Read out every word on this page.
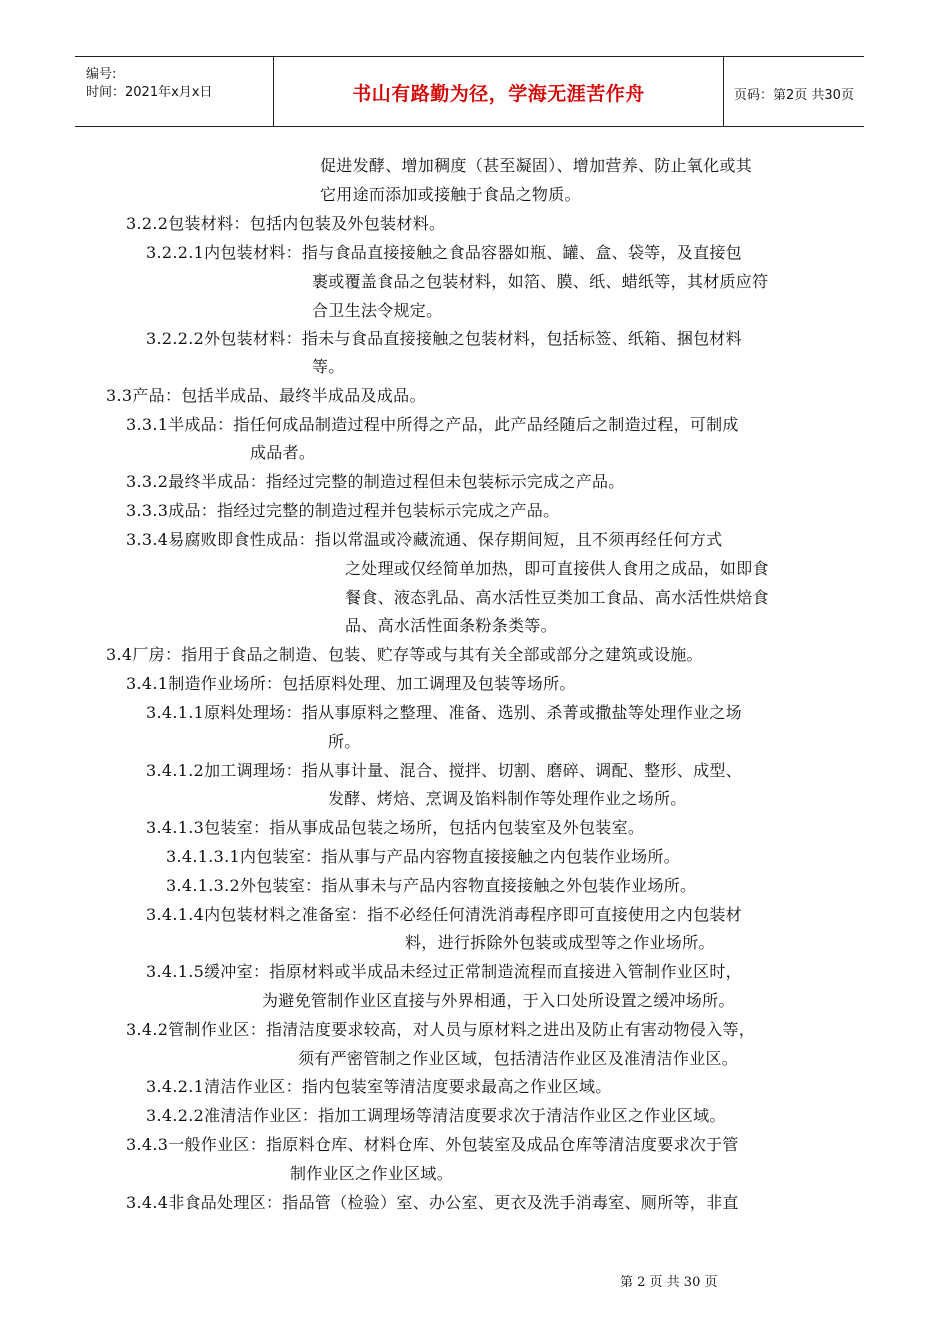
编号:
时间：2021年x月x日	书山有路勤为径，学海无涯苦作舟	页码：第2页 共30页
促进发酵、增加稠度（甚至凝固）、增加营养、防止氧化或其
它用途而添加或接触于食品之物质。
3.2.2包装材料：包括内包装及外包装材料。
3.2.2.1内包装材料：指与食品直接接触之食品容器如瓶、罐、盒、袋等，及直接包
裹或覆盖食品之包装材料，如箔、膜、纸、蜡纸等，其材质应符
合卫生法令规定。
3.2.2.2外包装材料：指未与食品直接接触之包装材料，包括标签、纸箱、捆包材料
等。
3.3产品：包括半成品、最终半成品及成品。
3.3.1半成品：指任何成品制造过程中所得之产品，此产品经随后之制造过程，可制成
成品者。
3.3.2最终半成品：指经过完整的制造过程但未包装标示完成之产品。
3.3.3成品：指经过完整的制造过程并包装标示完成之产品。
3.3.4易腐败即食性成品：指以常温或冷藏流通、保存期间短，且不须再经任何方式
之处理或仅经简单加热，即可直接供人食用之成品，如即食
餐食、液态乳品、高水活性豆类加工食品、高水活性烘焙食
品、高水活性面条粉条类等。
3.4厂房：指用于食品之制造、包装、贮存等或与其有关全部或部分之建筑或设施。
3.4.1制造作业场所：包括原料处理、加工调理及包装等场所。
3.4.1.1原料处理场：指从事原料之整理、准备、选别、杀菁或撒盐等处理作业之场
所。
3.4.1.2加工调理场：指从事计量、混合、搅拌、切割、磨碎、调配、整形、成型、
发酵、烤焙、烹调及馅料制作等处理作业之场所。
3.4.1.3包装室：指从事成品包装之场所，包括内包装室及外包装室。
3.4.1.3.1内包装室：指从事与产品内容物直接接触之内包装作业场所。
3.4.1.3.2外包装室：指从事未与产品内容物直接接触之外包装作业场所。
3.4.1.4内包装材料之准备室：指不必经任何清洗消毒程序即可直接使用之内包装材
料，进行拆除外包装或成型等之作业场所。
3.4.1.5缓冲室：指原材料或半成品未经过正常制造流程而直接进入管制作业区时，
为避免管制作业区直接与外界相通，于入口处所设置之缓冲场所。
3.4.2管制作业区：指清洁度要求较高，对人员与原材料之进出及防止有害动物侵入等，
须有严密管制之作业区域，包括清洁作业区及准清洁作业区。
3.4.2.1清洁作业区：指内包装室等清洁度要求最高之作业区域。
3.4.2.2准清洁作业区：指加工调理场等清洁度要求次于清洁作业区之作业区域。
3.4.3一般作业区：指原料仓库、材料仓库、外包装室及成品仓库等清洁度要求次于管
制作业区之作业区域。
3.4.4非食品处理区：指品管（检验）室、办公室、更衣及洗手消毒室、厕所等，非直
第 2 页 共 30 页
